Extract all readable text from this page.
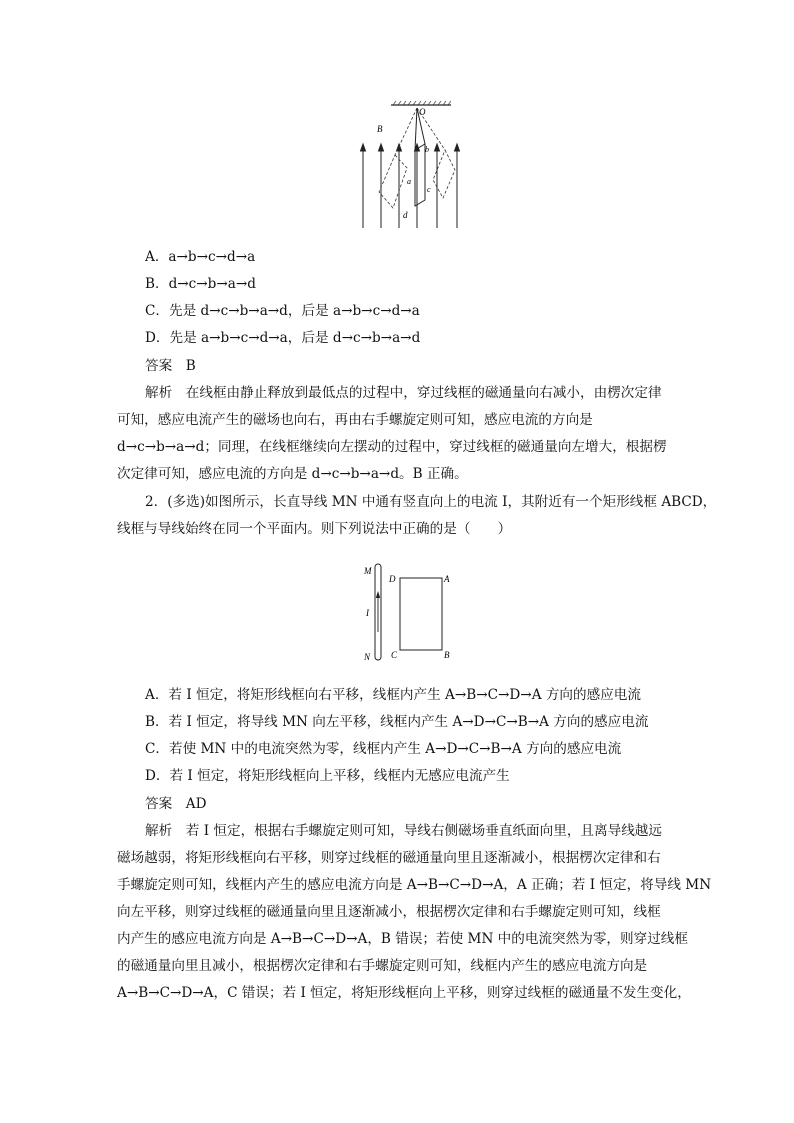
O
B
a
b
c
d
A．a→b→c→d→a
B．d→c→b→a→d
C．先是 d→c→b→a→d，后是 a→b→c→d→a
D．先是 a→b→c→d→a，后是 d→c→b→a→d
答案　B
解析　在线框由静止释放到最低点的过程中，穿过线框的磁通量向右减小，由楞次定律
可知，感应电流产生的磁场也向右，再由右手螺旋定则可知，感应电流的方向是
d→c→b→a→d；同理，在线框继续向左摆动的过程中，穿过线框的磁通量向左增大，根据楞
次定律可知，感应电流的方向是 d→c→b→a→d。B 正确。
2．(多选)如图所示，长直导线 MN 中通有竖直向上的电流 I，其附近有一个矩形线框 ABCD，
线框与导线始终在同一个平面内。则下列说法中正确的是（　　）
M
N
I
A
B
C
D
A．若 I 恒定，将矩形线框向右平移，线框内产生 A→B→C→D→A 方向的感应电流
B．若 I 恒定，将导线 MN 向左平移，线框内产生 A→D→C→B→A 方向的感应电流
C．若使 MN 中的电流突然为零，线框内产生 A→D→C→B→A 方向的感应电流
D．若 I 恒定，将矩形线框向上平移，线框内无感应电流产生
答案　AD
解析　若 I 恒定，根据右手螺旋定则可知，导线右侧磁场垂直纸面向里，且离导线越远
磁场越弱，将矩形线框向右平移，则穿过线框的磁通量向里且逐渐减小，根据楞次定律和右
手螺旋定则可知，线框内产生的感应电流方向是 A→B→C→D→A，A 正确；若 I 恒定，将导线 MN
向左平移，则穿过线框的磁通量向里且逐渐减小，根据楞次定律和右手螺旋定则可知，线框
内产生的感应电流方向是 A→B→C→D→A，B 错误；若使 MN 中的电流突然为零，则穿过线框
的磁通量向里且减小，根据楞次定律和右手螺旋定则可知，线框内产生的感应电流方向是
A→B→C→D→A，C 错误；若 I 恒定，将矩形线框向上平移，则穿过线框的磁通量不发生变化，
